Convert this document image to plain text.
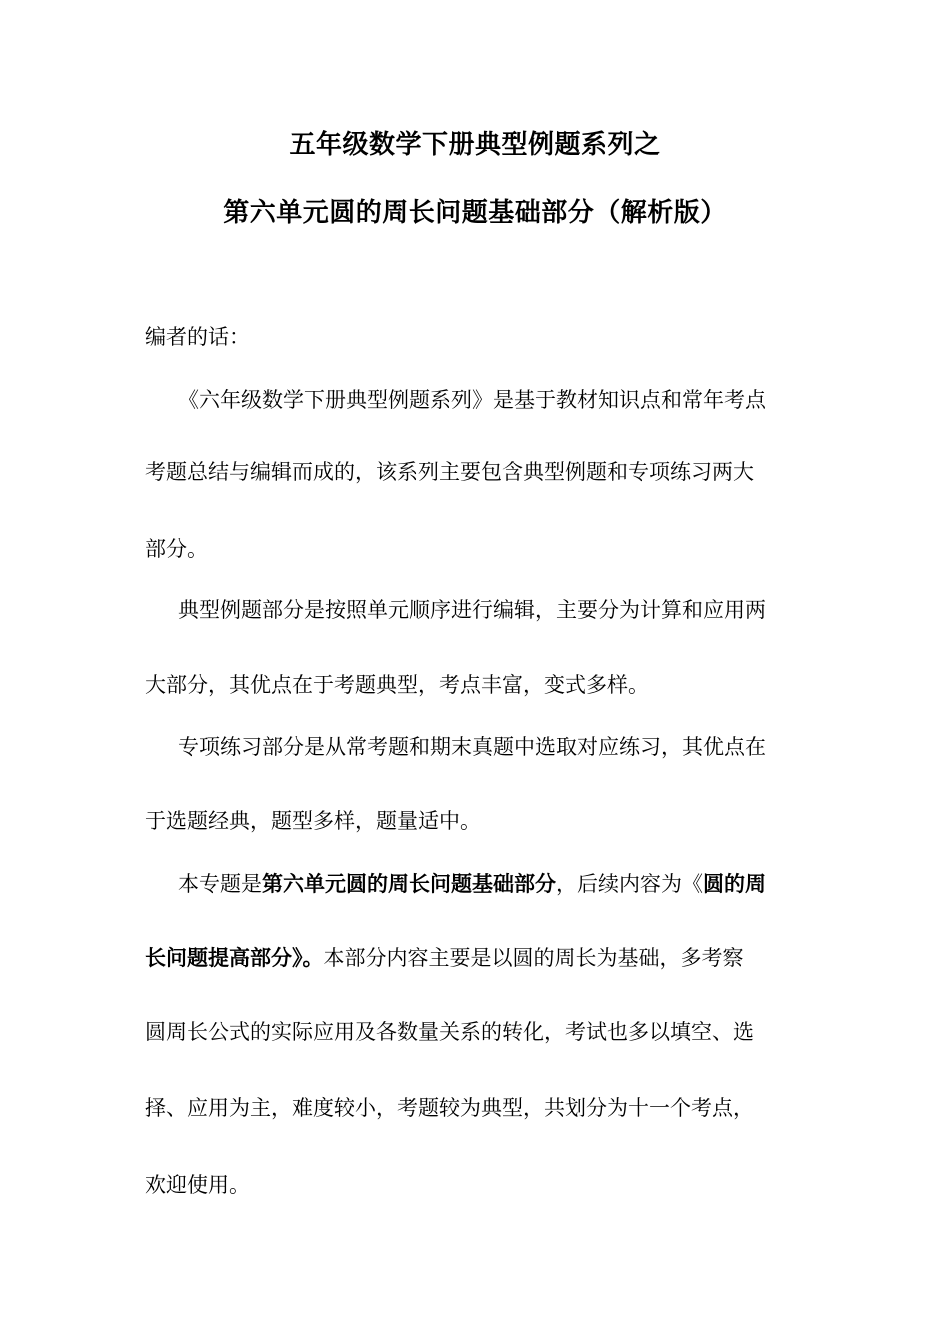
五年级数学下册典型例题系列之
第六单元圆的周长问题基础部分（解析版）
编者的话：
《六年级数学下册典型例题系列》是基于教材知识点和常年考点
考题总结与编辑而成的，该系列主要包含典型例题和专项练习两大
部分。
典型例题部分是按照单元顺序进行编辑，主要分为计算和应用两
大部分，其优点在于考题典型，考点丰富，变式多样。
专项练习部分是从常考题和期末真题中选取对应练习，其优点在
于选题经典，题型多样，题量适中。
本专题是第六单元圆的周长问题基础部分，后续内容为《圆的周
长问题提高部分》。本部分内容主要是以圆的周长为基础，多考察
圆周长公式的实际应用及各数量关系的转化，考试也多以填空、选
择、应用为主，难度较小，考题较为典型，共划分为十一个考点，
欢迎使用。
